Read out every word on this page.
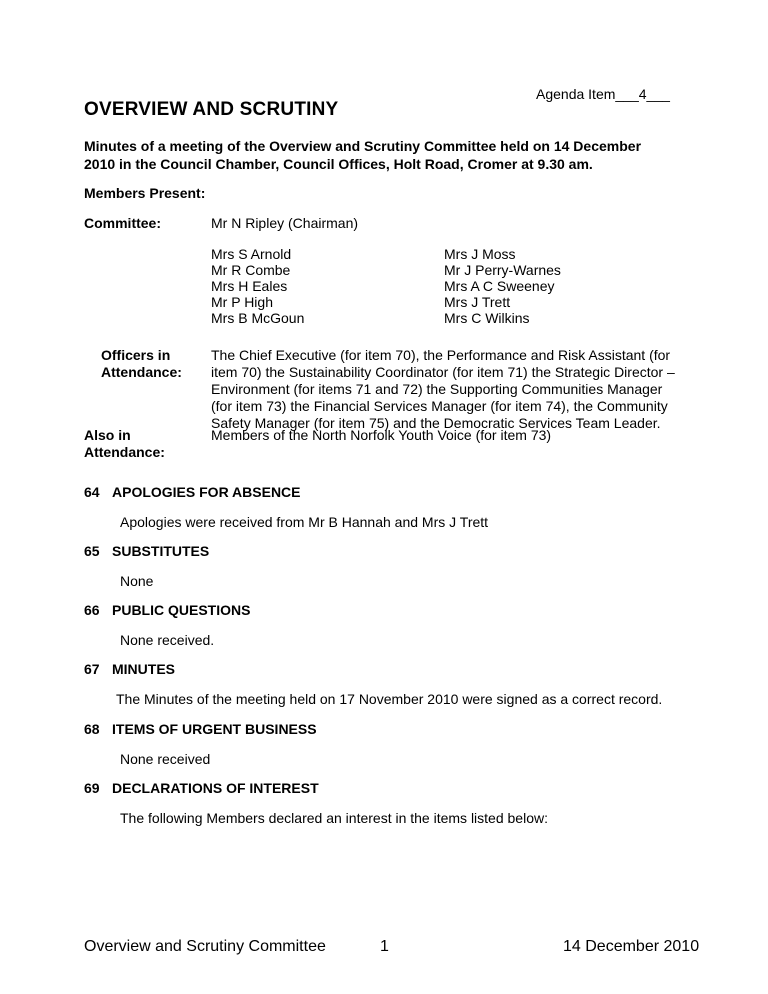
Agenda Item___4___

OVERVIEW AND SCRUTINY
Minutes of a meeting of the Overview and Scrutiny Committee held on 14 December
2010 in the Council Chamber, Council Offices, Holt Road, Cromer at 9.30 am.

Members Present:

Committee:	Mr N Ripley (Chairman)

Mrs S Arnold
Mr R Combe
Mrs H Eales
Mr P High
Mrs B McGoun
Mrs J Moss
Mr J Perry-Warnes
Mrs A C Sweeney
Mrs J Trett
Mrs C Wilkins
Officers in
Attendance:
The Chief Executive (for item 70), the Performance and Risk Assistant (for
item 70) the Sustainability Coordinator (for item 71) the Strategic Director –
Environment (for items 71 and 72) the Supporting Communities Manager
(for item 73) the Financial Services Manager (for item 74), the Community
Safety Manager (for item 75) and the Democratic Services Team Leader.
Also in
Attendance:

Members of the North Norfolk Youth Voice (for item 73)

64 APOLOGIES FOR ABSENCE

Apologies were received from Mr B Hannah and Mrs J Trett

65 SUBSTITUTES

None

66 PUBLIC QUESTIONS

None received.

67 MINUTES

The Minutes of the meeting held on 17 November 2010 were signed as a correct record.

68 ITEMS OF URGENT BUSINESS

None received

69 DECLARATIONS OF INTEREST

The following Members declared an interest in the items listed below:

Overview and Scrutiny Committee	1	14 December 2010
